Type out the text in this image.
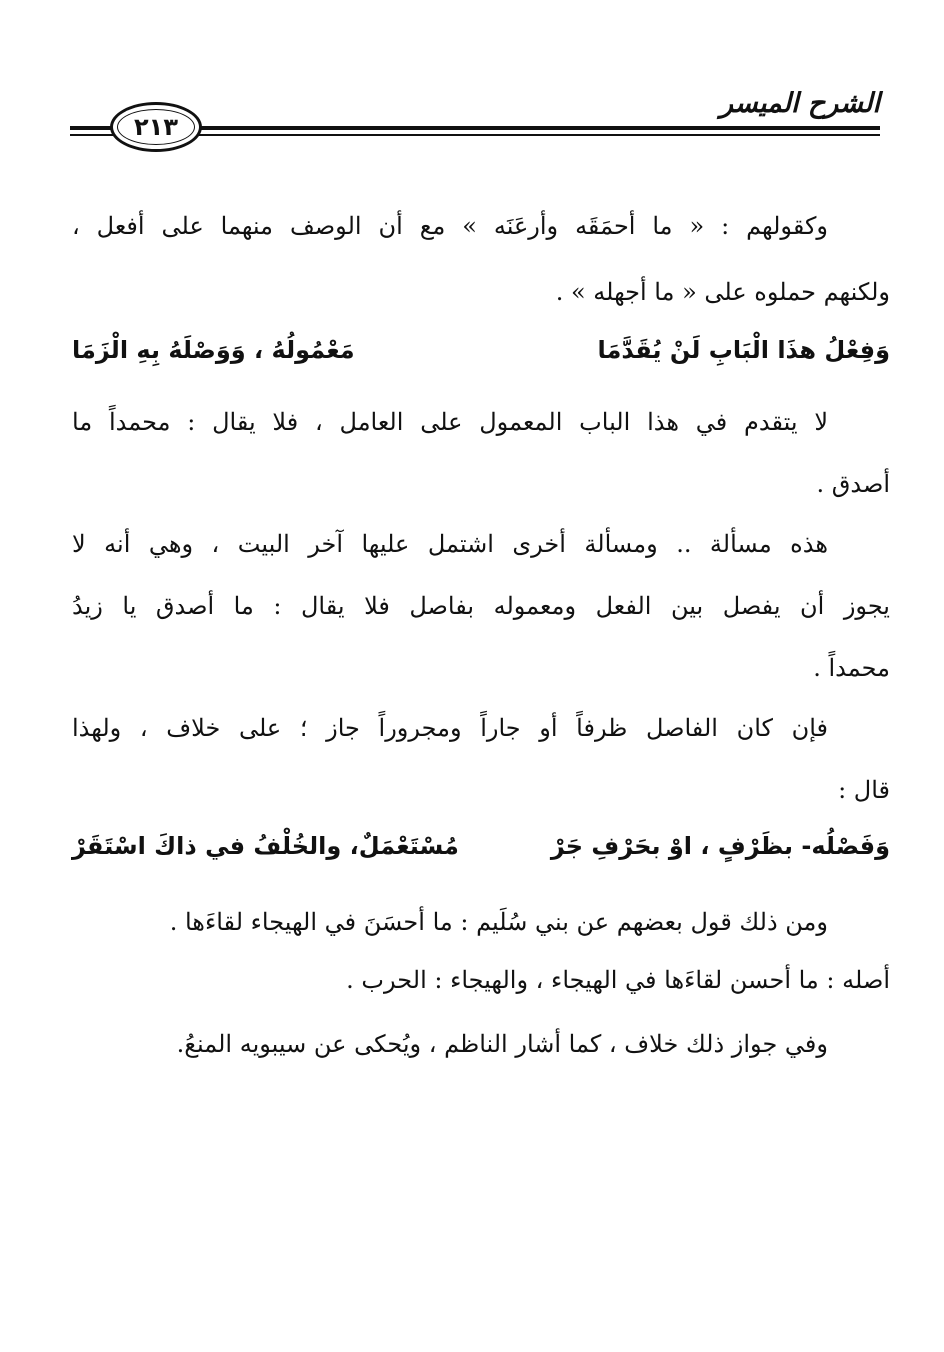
٢١٣
الشرح الميسر
وكقولهم : « ما أحمَقَه وأرعَنَه » مع أن الوصف منهما على أفعل ،
ولكنهم حملوه على « ما أجهله » .
وَفِعْلُ هذَا الْبَابِ لَنْ يُقَدَّمَا
مَعْمُولُهُ ، وَوَصْلَهُ بِهِ الْزَمَا
لا يتقدم في هذا الباب المعمول على العامل ، فلا يقال : محمداً ما
أصدق .
هذه مسألة .. ومسألة أخرى اشتمل عليها آخر البيت ، وهي أنه لا
يجوز أن يفصل بين الفعل ومعموله بفاصل فلا يقال : ما أصدق يا زيدُ
محمداً .
فإن كان الفاصل ظرفاً أو جاراً ومجروراً جاز ؛ على خلاف ، ولهذا
قال :
وَفَصْلُه- بظَرْفٍ ، اوْ بحَرْفِ جَرْ
مُسْتَعْمَلٌ، والخُلْفُ في ذاكَ اسْتَقَرْ
ومن ذلك قول بعضهم عن بني سُلَيم : ما أحسَنَ في الهيجاء لقاءَها .
أصله : ما أحسن لقاءَها في الهيجاء ، والهيجاء : الحرب .
وفي جواز ذلك خلاف ، كما أشار الناظم ، ويُحكى عن سيبويه المنعُ.
